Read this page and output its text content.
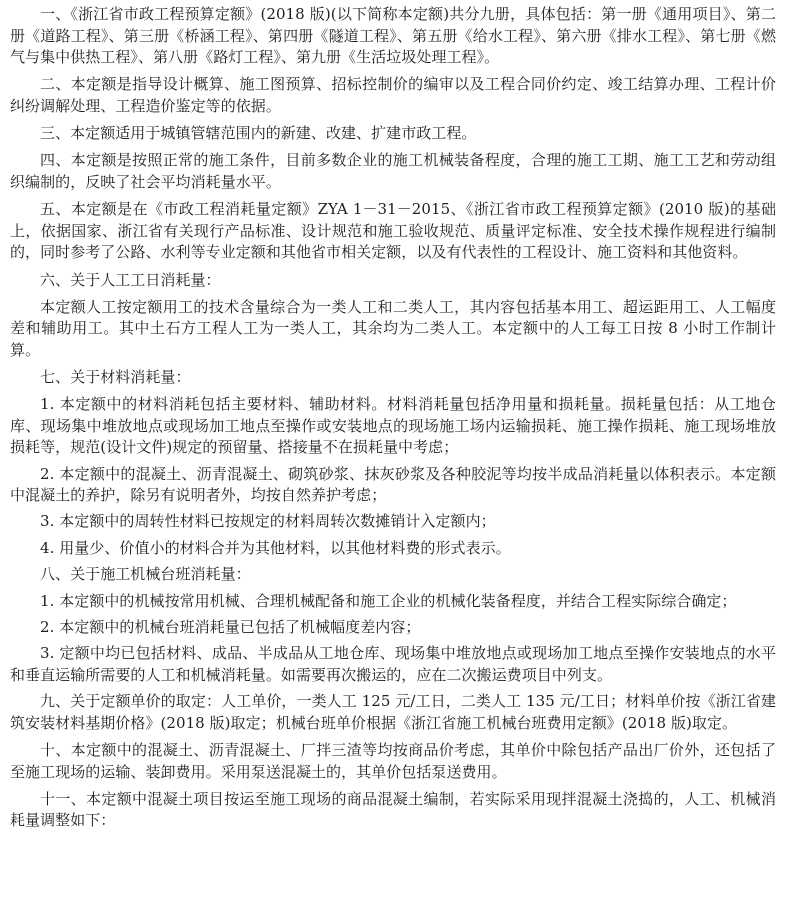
一、《浙江省市政工程预算定额》(2018 版)(以下简称本定额)共分九册，具体包括：第一册《通用项目》、第二册《道路工程》、第三册《桥涵工程》、第四册《隧道工程》、第五册《给水工程》、第六册《排水工程》、第七册《燃气与集中供热工程》、第八册《路灯工程》、第九册《生活垃圾处理工程》。

二、本定额是指导设计概算、施工图预算、招标控制价的编审以及工程合同价约定、竣工结算办理、工程计价纠纷调解处理、工程造价鉴定等的依据。

三、本定额适用于城镇管辖范围内的新建、改建、扩建市政工程。

四、本定额是按照正常的施工条件，目前多数企业的施工机械装备程度，合理的施工工期、施工工艺和劳动组织编制的，反映了社会平均消耗量水平。

五、本定额是在《市政工程消耗量定额》ZYA 1－31－2015、《浙江省市政工程预算定额》(2010 版)的基础上，依据国家、浙江省有关现行产品标准、设计规范和施工验收规范、质量评定标准、安全技术操作规程进行编制的，同时参考了公路、水利等专业定额和其他省市相关定额，以及有代表性的工程设计、施工资料和其他资料。

六、关于人工工日消耗量：

本定额人工按定额用工的技术含量综合为一类人工和二类人工，其内容包括基本用工、超运距用工、人工幅度差和辅助用工。其中土石方工程人工为一类人工，其余均为二类人工。本定额中的人工每工日按 8 小时工作制计算。

七、关于材料消耗量：

1. 本定额中的材料消耗包括主要材料、辅助材料。材料消耗量包括净用量和损耗量。损耗量包括：从工地仓库、现场集中堆放地点或现场加工地点至操作或安装地点的现场施工场内运输损耗、施工操作损耗、施工现场堆放损耗等，规范(设计文件)规定的预留量、搭接量不在损耗量中考虑；

2. 本定额中的混凝土、沥青混凝土、砌筑砂浆、抹灰砂浆及各种胶泥等均按半成品消耗量以体积表示。本定额中混凝土的养护，除另有说明者外，均按自然养护考虑；

3. 本定额中的周转性材料已按规定的材料周转次数摊销计入定额内；

4. 用量少、价值小的材料合并为其他材料，以其他材料费的形式表示。

八、关于施工机械台班消耗量：

1. 本定额中的机械按常用机械、合理机械配备和施工企业的机械化装备程度，并结合工程实际综合确定；

2. 本定额中的机械台班消耗量已包括了机械幅度差内容；

3. 定额中均已包括材料、成品、半成品从工地仓库、现场集中堆放地点或现场加工地点至操作安装地点的水平和垂直运输所需要的人工和机械消耗量。如需要再次搬运的，应在二次搬运费项目中列支。

九、关于定额单价的取定：人工单价，一类人工 125 元/工日，二类人工 135 元/工日；材料单价按《浙江省建筑安装材料基期价格》(2018 版)取定；机械台班单价根据《浙江省施工机械台班费用定额》(2018 版)取定。

十、本定额中的混凝土、沥青混凝土、厂拌三渣等均按商品价考虑，其单价中除包括产品出厂价外，还包括了至施工现场的运输、装卸费用。采用泵送混凝土的，其单价包括泵送费用。

十一、本定额中混凝土项目按运至施工现场的商品混凝土编制，若实际采用现拌混凝土浇捣的，人工、机械消耗量调整如下：
